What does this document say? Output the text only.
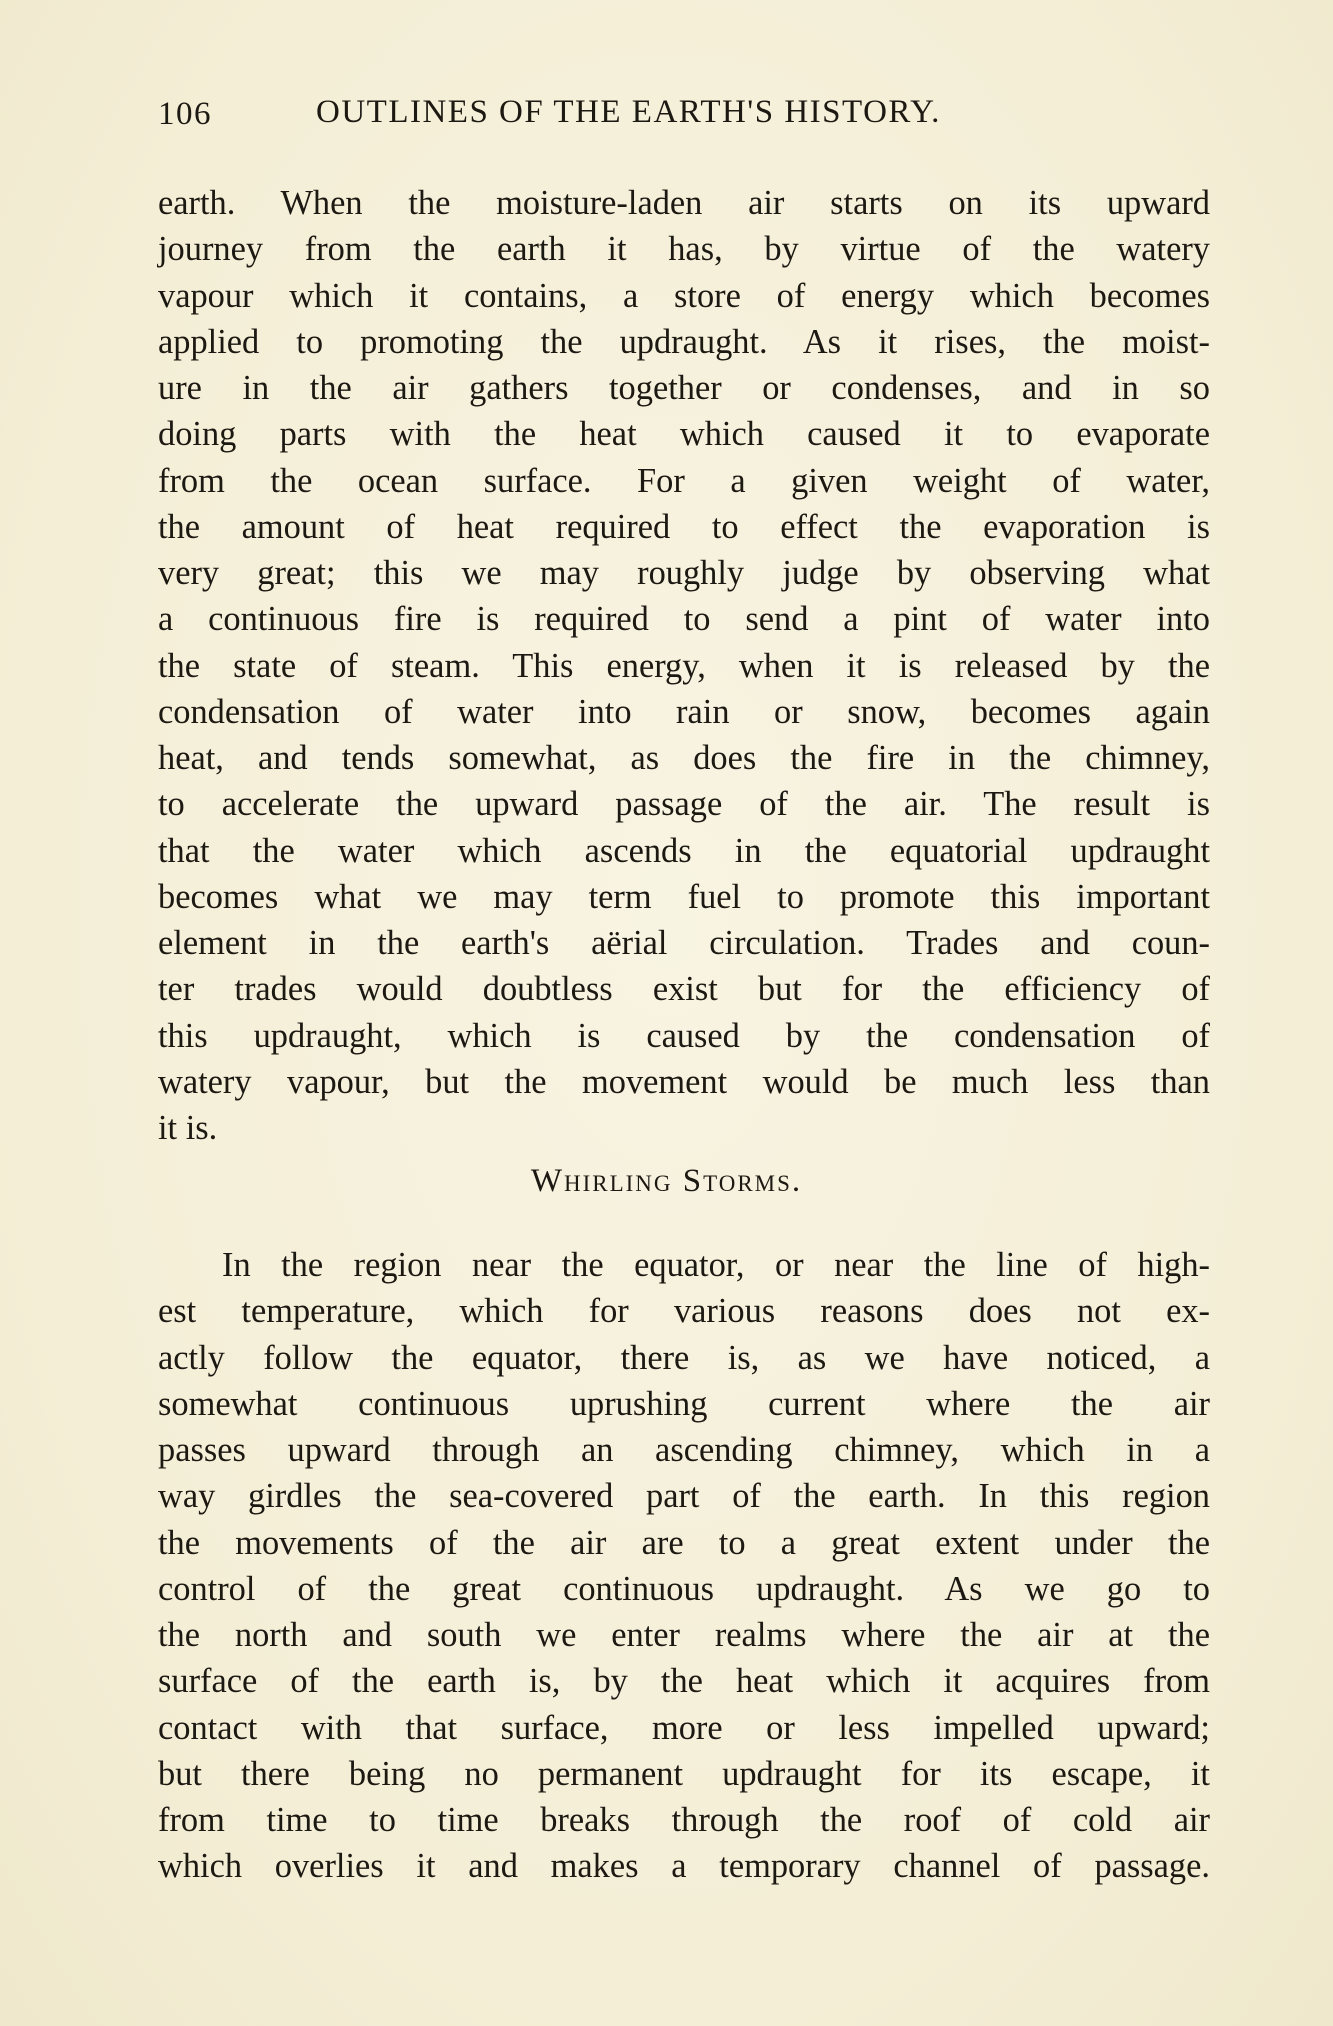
106	OUTLINES OF THE EARTH'S HISTORY.
earth. When the moisture-laden air starts on its upward
journey from the earth it has, by virtue of the watery
vapour which it contains, a store of energy which becomes
applied to promoting the updraught. As it rises, the moist-
ure in the air gathers together or condenses, and in so
doing parts with the heat which caused it to evaporate
from the ocean surface. For a given weight of water,
the amount of heat required to effect the evaporation is
very great; this we may roughly judge by observing what
a continuous fire is required to send a pint of water into
the state of steam. This energy, when it is released by the
condensation of water into rain or snow, becomes again
heat, and tends somewhat, as does the fire in the chimney,
to accelerate the upward passage of the air. The result is
that the water which ascends in the equatorial updraught
becomes what we may term fuel to promote this important
element in the earth's aërial circulation. Trades and coun-
ter trades would doubtless exist but for the efficiency of
this updraught, which is caused by the condensation of
watery vapour, but the movement would be much less than
it is.
Whirling Storms.
In the region near the equator, or near the line of high-
est temperature, which for various reasons does not ex-
actly follow the equator, there is, as we have noticed, a
somewhat continuous uprushing current where the air
passes upward through an ascending chimney, which in a
way girdles the sea-covered part of the earth. In this region
the movements of the air are to a great extent under the
control of the great continuous updraught. As we go to
the north and south we enter realms where the air at the
surface of the earth is, by the heat which it acquires from
contact with that surface, more or less impelled upward;
but there being no permanent updraught for its escape, it
from time to time breaks through the roof of cold air
which overlies it and makes a temporary channel of passage.
